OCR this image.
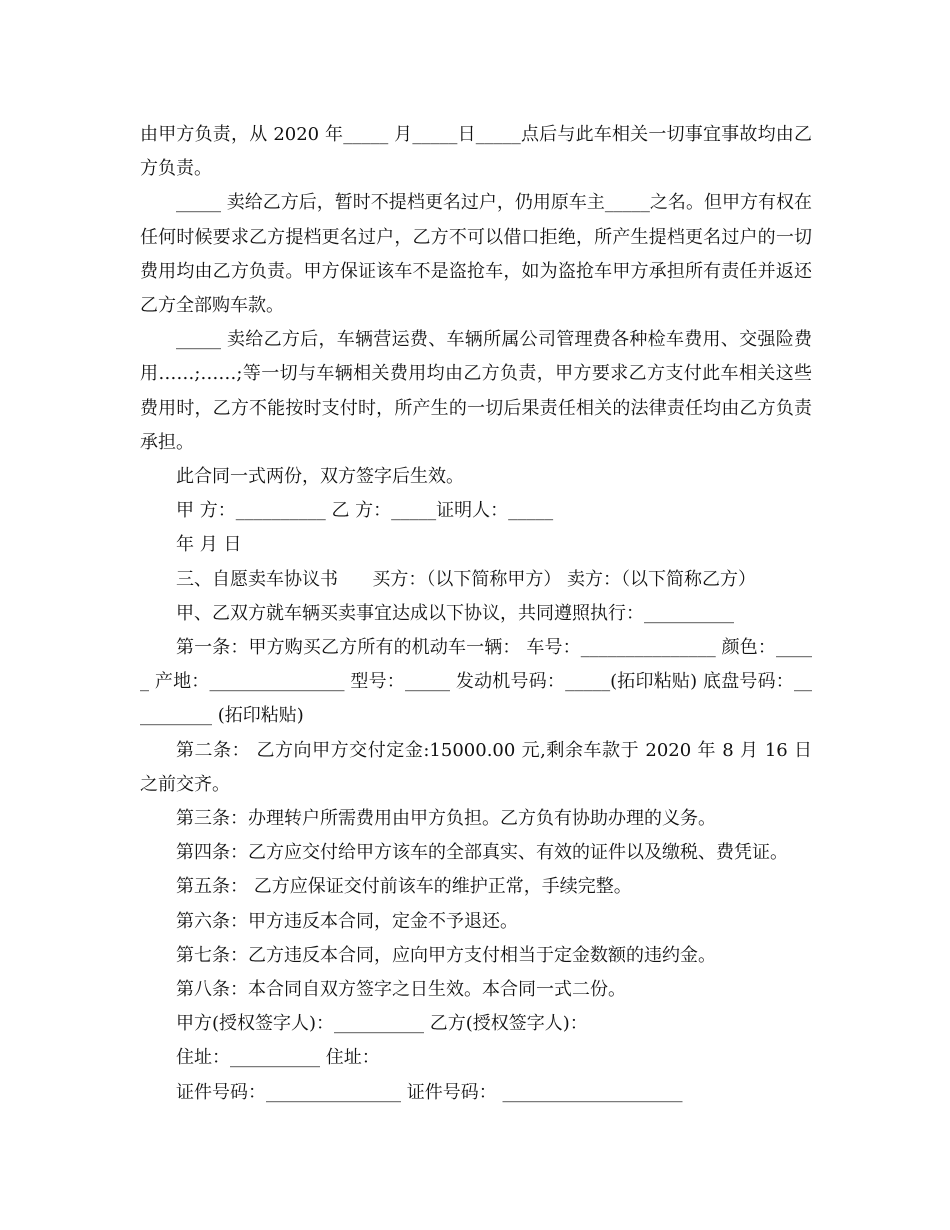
由甲方负责，从 2020 年_____ 月_____日_____点后与此车相关一切事宜事故均由乙方负责。

_____ 卖给乙方后，暂时不提档更名过户，仍用原车主_____之名。但甲方有权在任何时候要求乙方提档更名过户，乙方不可以借口拒绝，所产生提档更名过户的一切费用均由乙方负责。甲方保证该车不是盗抢车，如为盗抢车甲方承担所有责任并返还乙方全部购车款。

_____ 卖给乙方后，车辆营运费、车辆所属公司管理费各种检车费用、交强险费用……;……;等一切与车辆相关费用均由乙方负责，甲方要求乙方支付此车相关这些费用时，乙方不能按时支付时，所产生的一切后果责任相关的法律责任均由乙方负责承担。

此合同一式两份，双方签字后生效。

甲 方：__________ 乙 方：_____证明人：_____

年 月 日

三、自愿卖车协议书      买方：（以下简称甲方） 卖方：（以下简称乙方）

甲、乙双方就车辆买卖事宜达成以下协议，共同遵照执行：__________

第一条：甲方购买乙方所有的机动车一辆： 车号：_______________ 颜色：_____ 产地：_______________ 型号：_____ 发动机号码：_____(拓印粘贴) 底盘号码：__________ (拓印粘贴)

第二条： 乙方向甲方交付定金:15000.00 元,剩余车款于 2020 年 8 月 16 日之前交齐。

第三条：办理转户所需费用由甲方负担。乙方负有协助办理的义务。

第四条：乙方应交付给甲方该车的全部真实、有效的证件以及缴税、费凭证。

第五条： 乙方应保证交付前该车的维护正常，手续完整。

第六条：甲方违反本合同，定金不予退还。

第七条：乙方违反本合同，应向甲方支付相当于定金数额的违约金。

第八条：本合同自双方签字之日生效。本合同一式二份。

甲方(授权签字人)：__________ 乙方(授权签字人)：

住址：__________ 住址：

证件号码：_______________ 证件号码： ____________________
